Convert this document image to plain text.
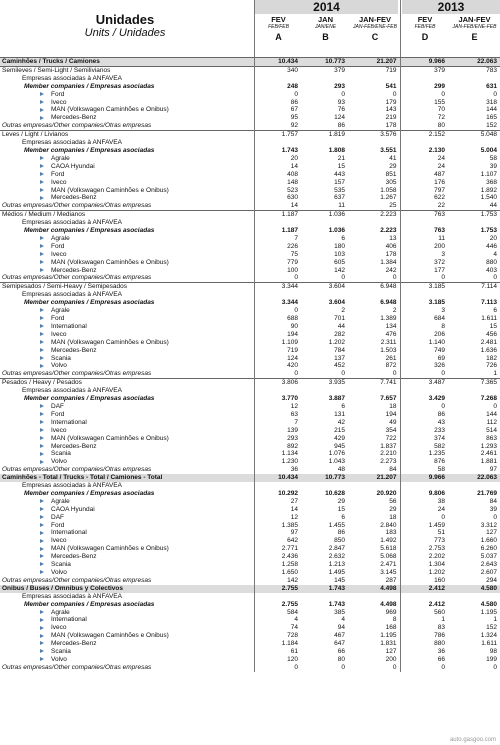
Unidades
Units / Unidades
2014	2013
FEV
FEB/FEB
A
JAN
JAN/ENE
B
JAN-FEV
JAN-FEB/ENE-FEB
C
FEV
FEB/FEB
D
JAN-FEV
JAN-FEB/ENE-FEB
E
Caminhões / Trucks / Camiones	10.434	10.773	21.207	9.966	22.063
Semileves / Semi-Light / Semilivianos	340	379	719	379	783
Empresas associadas à ANFAVEA					
Member companies / Empresas asociadas	248	293	541	299	631
Ford	0	0	0	0	0
Iveco	86	93	179	155	318
MAN (Volkswagen Caminhões e Ônibus)	67	76	143	70	144
Mercedes-Benz	95	124	219	72	165
Outras empresas/Other companies/Otras empresas	92	86	178	80	152
Leves / Light / Livianos	1.757	1.819	3.576	2.152	5.048
Empresas associadas à ANFAVEA					
Member companies / Empresas asociadas	1.743	1.808	3.551	2.130	5.004
Agrale	20	21	41	24	58
CAOA Hyundai	14	15	29	24	39
Ford	408	443	851	487	1.107
Iveco	148	157	305	176	368
MAN (Volkswagen Caminhões e Ônibus)	523	535	1.058	797	1.892
Mercedes-Benz	630	637	1.267	622	1.540
Outras empresas/Other companies/Otras empresas	14	11	25	22	44
Médios / Medium / Medianos	1.187	1.036	2.223	763	1.753
Empresas associadas à ANFAVEA					
Member companies / Empresas asociadas	1.187	1.036	2.223	763	1.753
Agrale	7	6	13	11	20
Ford	226	180	406	200	446
Iveco	75	103	178	3	4
MAN (Volkswagen Caminhões e Ônibus)	779	605	1.384	372	880
Mercedes-Benz	100	142	242	177	403
Outras empresas/Other companies/Otras empresas	0	0	0	0	0
Semipesados / Semi-Heavy / Semipesados	3.344	3.604	6.948	3.185	7.114
Empresas associadas à ANFAVEA					
Member companies / Empresas asociadas	3.344	3.604	6.948	3.185	7.113
Agrale	0	2	2	3	6
Ford	688	701	1.389	684	1.611
International	90	44	134	8	15
Iveco	194	282	476	206	456
MAN (Volkswagen Caminhões e Ônibus)	1.109	1.202	2.311	1.140	2.481
Mercedes-Benz	719	784	1.503	749	1.636
Scania	124	137	261	69	182
Volvo	420	452	872	326	726
Outras empresas/Other companies/Otras empresas	0	0	0	0	1
Pesados / Heavy / Pesados	3.806	3.935	7.741	3.487	7.365
Empresas associadas à ANFAVEA					
Member companies / Empresas asociadas	3.770	3.887	7.657	3.429	7.268
DAF	12	6	18	0	0
Ford	63	131	194	86	144
International	7	42	49	43	112
Iveco	139	215	354	233	514
MAN (Volkswagen Caminhões e Ônibus)	293	429	722	374	863
Mercedes-Benz	892	945	1.837	582	1.293
Scania	1.134	1.076	2.210	1.235	2.461
Volvo	1.230	1.043	2.273	876	1.881
Outras empresas/Other companies/Otras empresas	36	48	84	58	97
Caminhões - Total / Trucks - Total / Camiones - Total	10.434	10.773	21.207	9.966	22.063
Empresas associadas à ANFAVEA					
Member companies / Empresas asociadas	10.292	10.628	20.920	9.806	21.769
Agrale	27	29	56	38	84
CAOA Hyundai	14	15	29	24	39
DAF	12	6	18	0	0
Ford	1.385	1.455	2.840	1.459	3.312
International	97	86	183	51	127
Iveco	642	850	1.492	773	1.660
MAN (Volkswagen Caminhões e Ônibus)	2.771	2.847	5.618	2.753	6.260
Mercedes-Benz	2.436	2.632	5.068	2.202	5.037
Scania	1.258	1.213	2.471	1.304	2.643
Volvo	1.650	1.495	3.145	1.202	2.607
Outras empresas/Other companies/Otras empresas	142	145	287	160	294
Ônibus / Buses / Ômnibus y Colectivos	2.755	1.743	4.498	2.412	4.580
Empresas associadas à ANFAVEA					
Member companies / Empresas asociadas	2.755	1.743	4.498	2.412	4.580
Agrale	584	385	969	560	1.195
International	4	4	8	1	1
Iveco	74	94	168	83	152
MAN (Volkswagen Caminhões e Ônibus)	728	467	1.195	786	1.324
Mercedes-Benz	1.184	647	1.831	880	1.611
Scania	61	66	127	36	98
Volvo	120	80	200	66	199
Outras empresas/Other companies/Otras empresas	0	0	0	0	0
auto.gasgoo.com
